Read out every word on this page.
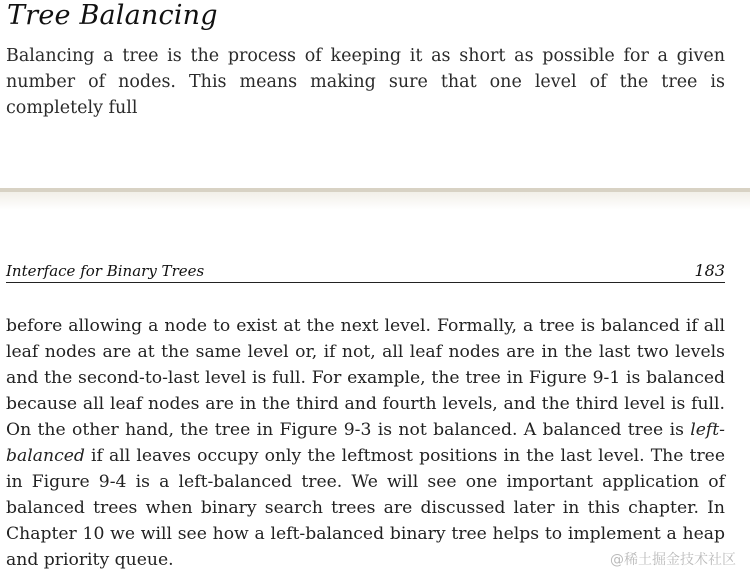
Tree Balancing

Balancing a tree is the process of keeping it as short as possible for a given number of nodes. This means making sure that one level of the tree is completely full

Interface for Binary Trees	183

before allowing a node to exist at the next level. Formally, a tree is balanced if all leaf nodes are at the same level or, if not, all leaf nodes are in the last two levels and the second-to-last level is full. For example, the tree in Figure 9-1 is balanced because all leaf nodes are in the third and fourth levels, and the third level is full. On the other hand, the tree in Figure 9-3 is not balanced. A balanced tree is left-balanced if all leaves occupy only the leftmost positions in the last level. The tree in Figure 9-4 is a left-balanced tree. We will see one important application of balanced trees when binary search trees are discussed later in this chapter. In Chapter 10 we will see how a left-balanced binary tree helps to implement a heap and priority queue.	@稀土掘金技术社区
